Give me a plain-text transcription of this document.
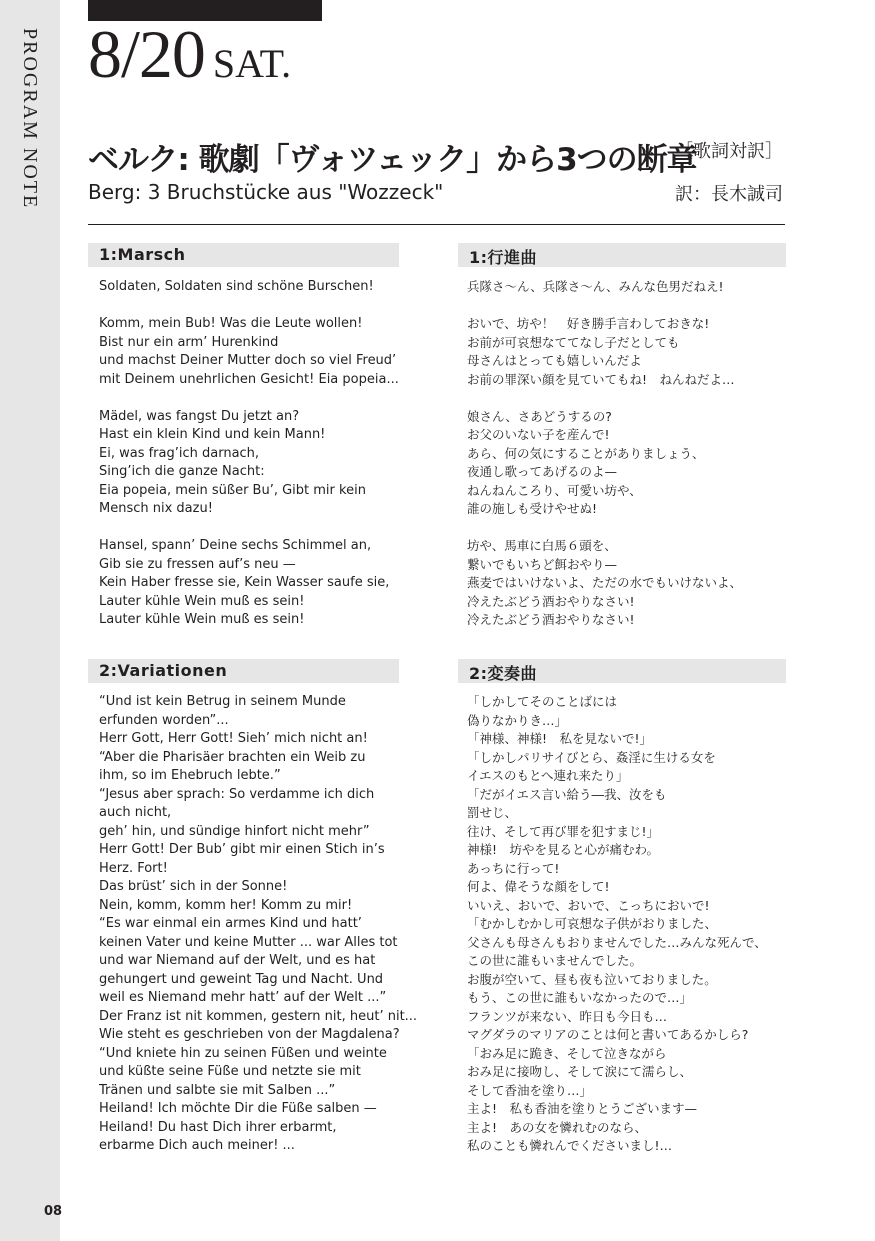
PROGRAM NOTE
08
8/20 SAT.
ベルク: 歌劇「ヴォツェック」から3つの断章
［歌詞対訳］
Berg: 3 Bruchstücke aus "Wozzeck"	訳：長木誠司
1:Marsch	1:行進曲
Soldaten, Soldaten sind schöne Burschen!
Komm, mein Bub! Was die Leute wollen!
Bist nur ein arm’ Hurenkind
und machst Deiner Mutter doch so viel Freud’
mit Deinem unehrlichen Gesicht! Eia popeia...
Mädel, was fangst Du jetzt an?
Hast ein klein Kind und kein Mann!
Ei, was frag’ich darnach,
Sing’ich die ganze Nacht:
Eia popeia, mein süßer Bu’, Gibt mir kein
Mensch nix dazu!
Hansel, spann’ Deine sechs Schimmel an,
Gib sie zu fressen auf’s neu —
Kein Haber fresse sie, Kein Wasser saufe sie,
Lauter kühle Wein muß es sein!
Lauter kühle Wein muß es sein!
兵隊さ～ん、兵隊さ～ん、みんな色男だねえ!
おいで、坊や！　好き勝手言わしておきな!
お前が可哀想なててなし子だとしても
母さんはとっても嬉しいんだよ
お前の罪深い顔を見ていてもね!　ねんねだよ…
娘さん、さあどうするの?
お父のいない子を産んで!
あら、何の気にすることがありましょう、
夜通し歌ってあげるのよ—
ねんねんころり、可愛い坊や、
誰の施しも受けやせぬ!
坊や、馬車に白馬６頭を、
繋いでもいちど餌おやり—
燕麦ではいけないよ、ただの水でもいけないよ、
冷えたぶどう酒おやりなさい!
冷えたぶどう酒おやりなさい!
2:Variationen	2:変奏曲
“Und ist kein Betrug in seinem Munde
erfunden worden”...
Herr Gott, Herr Gott! Sieh’ mich nicht an!
“Aber die Pharisäer brachten ein Weib zu
ihm, so im Ehebruch lebte.”
“Jesus aber sprach: So verdamme ich dich
auch nicht,
geh’ hin, und sündige hinfort nicht mehr”
Herr Gott! Der Bub’ gibt mir einen Stich in’s
Herz. Fort!
Das brüst’ sich in der Sonne!
Nein, komm, komm her! Komm zu mir!
“Es war einmal ein armes Kind und hatt’
keinen Vater und keine Mutter ... war Alles tot
und war Niemand auf der Welt, und es hat
gehungert und geweint Tag und Nacht. Und
weil es Niemand mehr hatt’ auf der Welt ...”
Der Franz ist nit kommen, gestern nit, heut’ nit...
Wie steht es geschrieben von der Magdalena?
“Und kniete hin zu seinen Füßen und weinte
und küßte seine Füße und netzte sie mit
Tränen und salbte sie mit Salben ...”
Heiland! Ich möchte Dir die Füße salben —
Heiland! Du hast Dich ihrer erbarmt,
erbarme Dich auch meiner! ...
「しかしてそのことばには
偽りなかりき…」
「神様、神様!　私を見ないで!」
「しかしパリサイびとら、姦淫に生ける女を
イエスのもとへ連れ来たり」
「だがイエス言い給う―我、汝をも
罰せじ、
往け、そして再び罪を犯すまじ!」
神様!　坊やを見ると心が痛むわ。
あっちに行って!
何よ、偉そうな顔をして!
いいえ、おいで、おいで、こっちにおいで!
「むかしむかし可哀想な子供がおりました、
父さんも母さんもおりませんでした…みんな死んで、
この世に誰もいませんでした。
お腹が空いて、昼も夜も泣いておりました。
もう、この世に誰もいなかったので…」
フランツが来ない、昨日も今日も…
マグダラのマリアのことは何と書いてあるかしら?
「おみ足に跪き、そして泣きながら
おみ足に接吻し、そして涙にて濡らし、
そして香油を塗り…」
主よ!　私も香油を塗りとうございます—
主よ!　あの女を憐れむのなら、
私のことも憐れんでくださいまし!…
